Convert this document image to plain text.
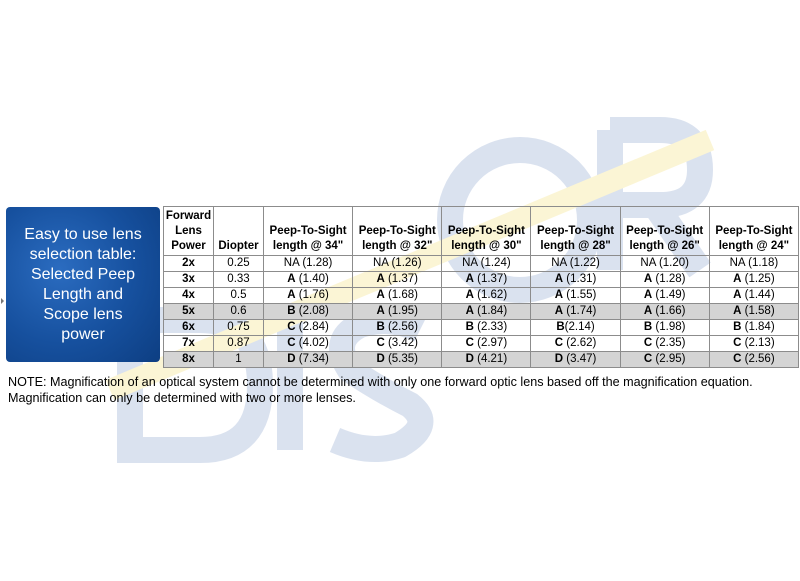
Easy to use lens
selection table:
Selected Peep
Length and
Scope lens
power
Forward Lens Power	Diopter	Peep-To-Sight length @ 34"	Peep-To-Sight length @ 32"	Peep-To-Sight length @ 30"	Peep-To-Sight length @ 28"	Peep-To-Sight length @ 26"	Peep-To-Sight length @ 24"
2x	0.25	NA (1.28)	NA (1.26)	NA (1.24)	NA (1.22)	NA (1.20)	NA (1.18)
3x	0.33	A (1.40)	A (1.37)	A (1.37)	A (1.31)	A (1.28)	A (1.25)
4x	0.5	A (1.76)	A (1.68)	A (1.62)	A (1.55)	A (1.49)	A (1.44)
5x	0.6	B (2.08)	A (1.95)	A (1.84)	A (1.74)	A (1.66)	A (1.58)
6x	0.75	C (2.84)	B (2.56)	B (2.33)	B(2.14)	B (1.98)	B (1.84)
7x	0.87	C (4.02)	C (3.42)	C (2.97)	C (2.62)	C (2.35)	C (2.13)
8x	1	D (7.34)	D (5.35)	D (4.21)	D (3.47)	C (2.95)	C (2.56)
NOTE: Magnification of an optical system cannot be determined with only one forward optic lens based off the magnification equation. Magnification can only be determined with two or more lenses.
